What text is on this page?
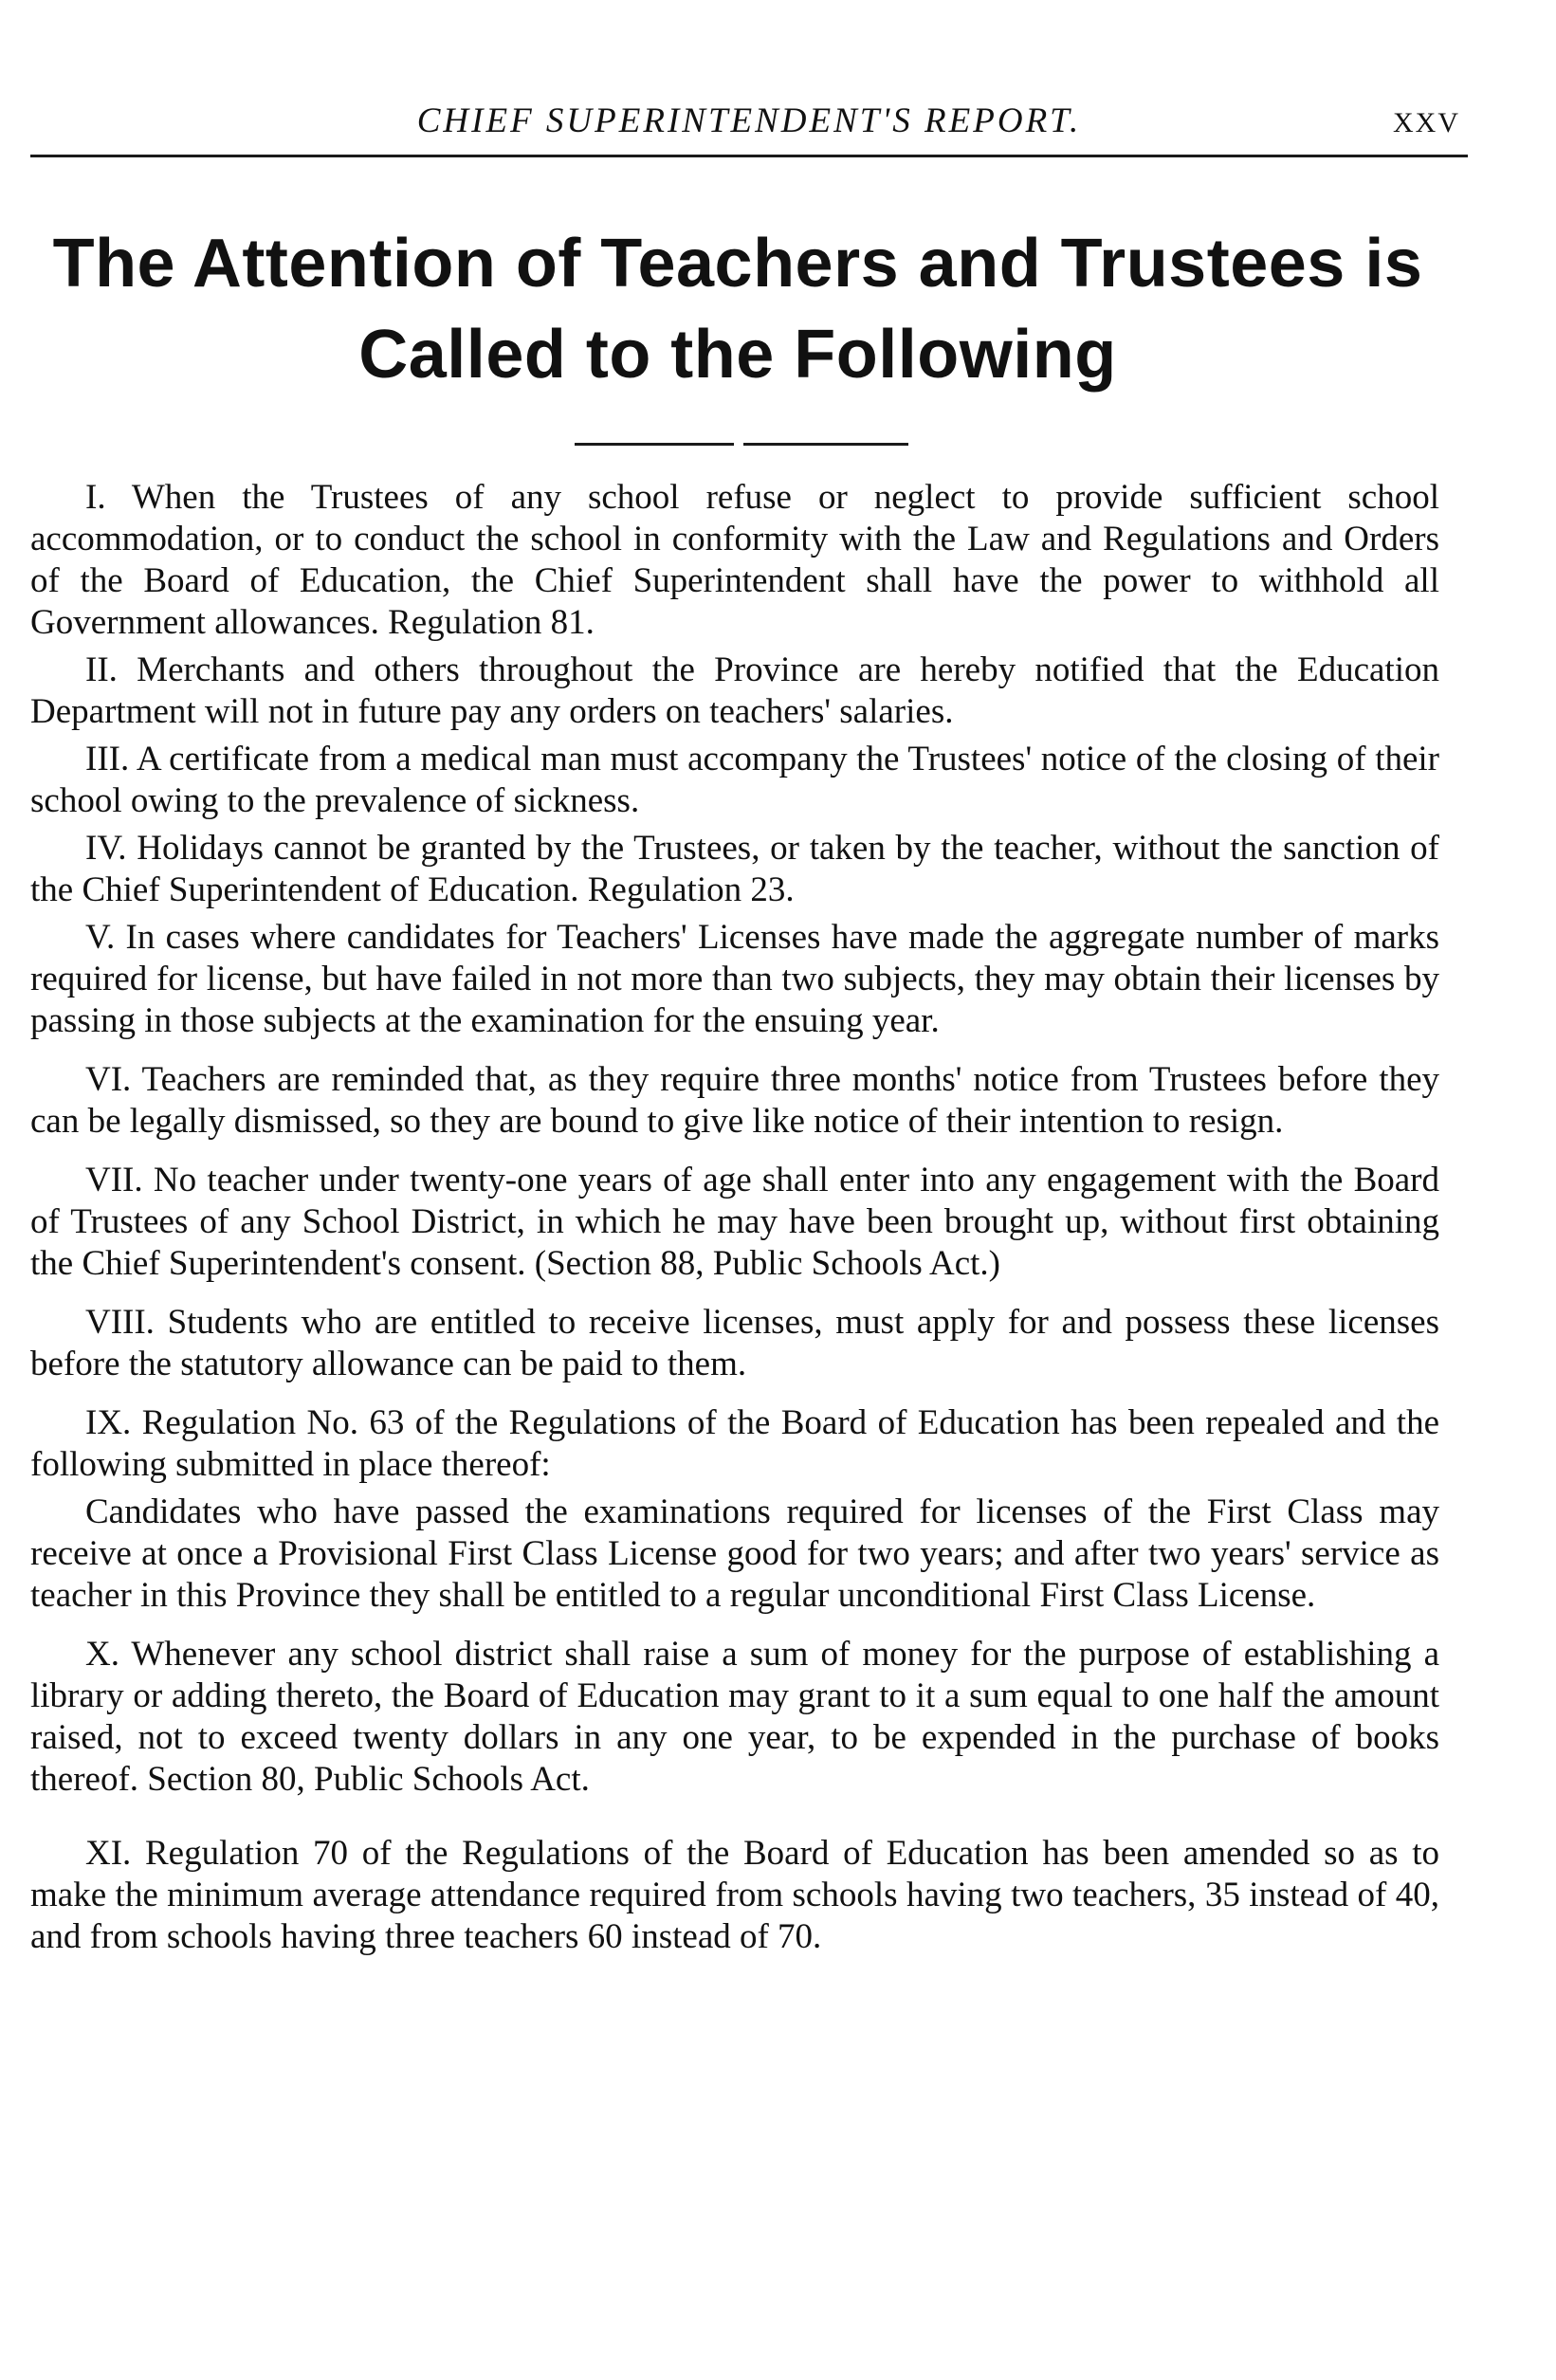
CHIEF SUPERINTENDENT'S REPORT.	XXV
The Attention of Teachers and Trustees is
Called to the Following

I. When the Trustees of any school refuse or neglect to provide sufficient school accommodation, or to conduct the school in conformity with the Law and Regulations and Orders of the Board of Education, the Chief Superintendent shall have the power to withhold all Government allowances. Regulation 81.

II. Merchants and others throughout the Province are hereby notified that the Education Department will not in future pay any orders on teachers' salaries.

III. A certificate from a medical man must accompany the Trustees' notice of the closing of their school owing to the prevalence of sickness.

IV. Holidays cannot be granted by the Trustees, or taken by the teacher, without the sanction of the Chief Superintendent of Education. Regulation 23.

V. In cases where candidates for Teachers' Licenses have made the aggregate number of marks required for license, but have failed in not more than two subjects, they may obtain their licenses by passing in those subjects at the examination for the ensuing year.

VI. Teachers are reminded that, as they require three months' notice from Trustees before they can be legally dismissed, so they are bound to give like notice of their intention to resign.

VII. No teacher under twenty-one years of age shall enter into any engagement with the Board of Trustees of any School District, in which he may have been brought up, without first obtaining the Chief Superintendent's consent. (Section 88, Public Schools Act.)

VIII. Students who are entitled to receive licenses, must apply for and possess these licenses before the statutory allowance can be paid to them.

IX. Regulation No. 63 of the Regulations of the Board of Education has been repealed and the following submitted in place thereof:

Candidates who have passed the examinations required for licenses of the First Class may receive at once a Provisional First Class License good for two years; and after two years' service as teacher in this Province they shall be entitled to a regular unconditional First Class License.

X. Whenever any school district shall raise a sum of money for the purpose of establishing a library or adding thereto, the Board of Education may grant to it a sum equal to one half the amount raised, not to exceed twenty dollars in any one year, to be expended in the purchase of books thereof. Section 80, Public Schools Act.

XI. Regulation 70 of the Regulations of the Board of Education has been amended so as to make the minimum average attendance required from schools having two teachers, 35 instead of 40, and from schools having three teachers 60 instead of 70.
